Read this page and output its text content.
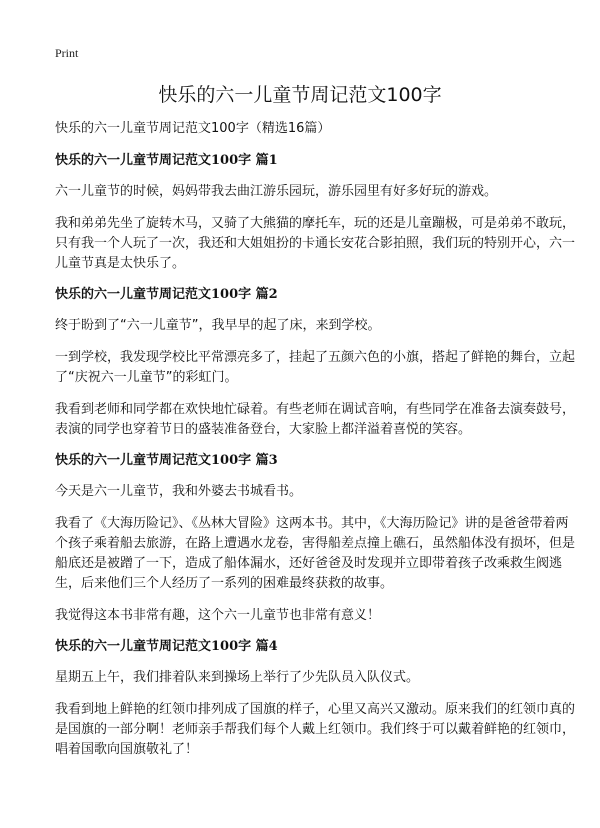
Print
快乐的六一儿童节周记范文100字

快乐的六一儿童节周记范文100字（精选16篇）

快乐的六一儿童节周记范文100字 篇1

六一儿童节的时候，妈妈带我去曲江游乐园玩，游乐园里有好多好玩的游戏。

我和弟弟先坐了旋转木马，又骑了大熊猫的摩托车，玩的还是儿童蹦极，可是弟弟不敢玩，只有我一个人玩了一次，我还和大姐姐扮的卡通长安花合影拍照，我们玩的特别开心，六一儿童节真是太快乐了。

快乐的六一儿童节周记范文100字 篇2

终于盼到了“六一儿童节”，我早早的起了床，来到学校。

一到学校，我发现学校比平常漂亮多了，挂起了五颜六色的小旗，搭起了鲜艳的舞台，立起了“庆祝六一儿童节”的彩虹门。

我看到老师和同学都在欢快地忙碌着。有些老师在调试音响，有些同学在准备去演奏鼓号，表演的同学也穿着节日的盛装准备登台，大家脸上都洋溢着喜悦的笑容。

快乐的六一儿童节周记范文100字 篇3

今天是六一儿童节，我和外婆去书城看书。

我看了《大海历险记》、《丛林大冒险》这两本书。其中，《大海历险记》讲的是爸爸带着两个孩子乘着船去旅游，在路上遭遇水龙卷，害得船差点撞上礁石，虽然船体没有损坏，但是船底还是被蹭了一下，造成了船体漏水，还好爸爸及时发现并立即带着孩子改乘救生阀逃生，后来他们三个人经历了一系列的困难最终获救的故事。

我觉得这本书非常有趣，这个六一儿童节也非常有意义！

快乐的六一儿童节周记范文100字 篇4

星期五上午，我们排着队来到操场上举行了少先队员入队仪式。

我看到地上鲜艳的红领巾排列成了国旗的样子，心里又高兴又激动。原来我们的红领巾真的是国旗的一部分啊！老师亲手帮我们每个人戴上红领巾。我们终于可以戴着鲜艳的红领巾，唱着国歌向国旗敬礼了！
